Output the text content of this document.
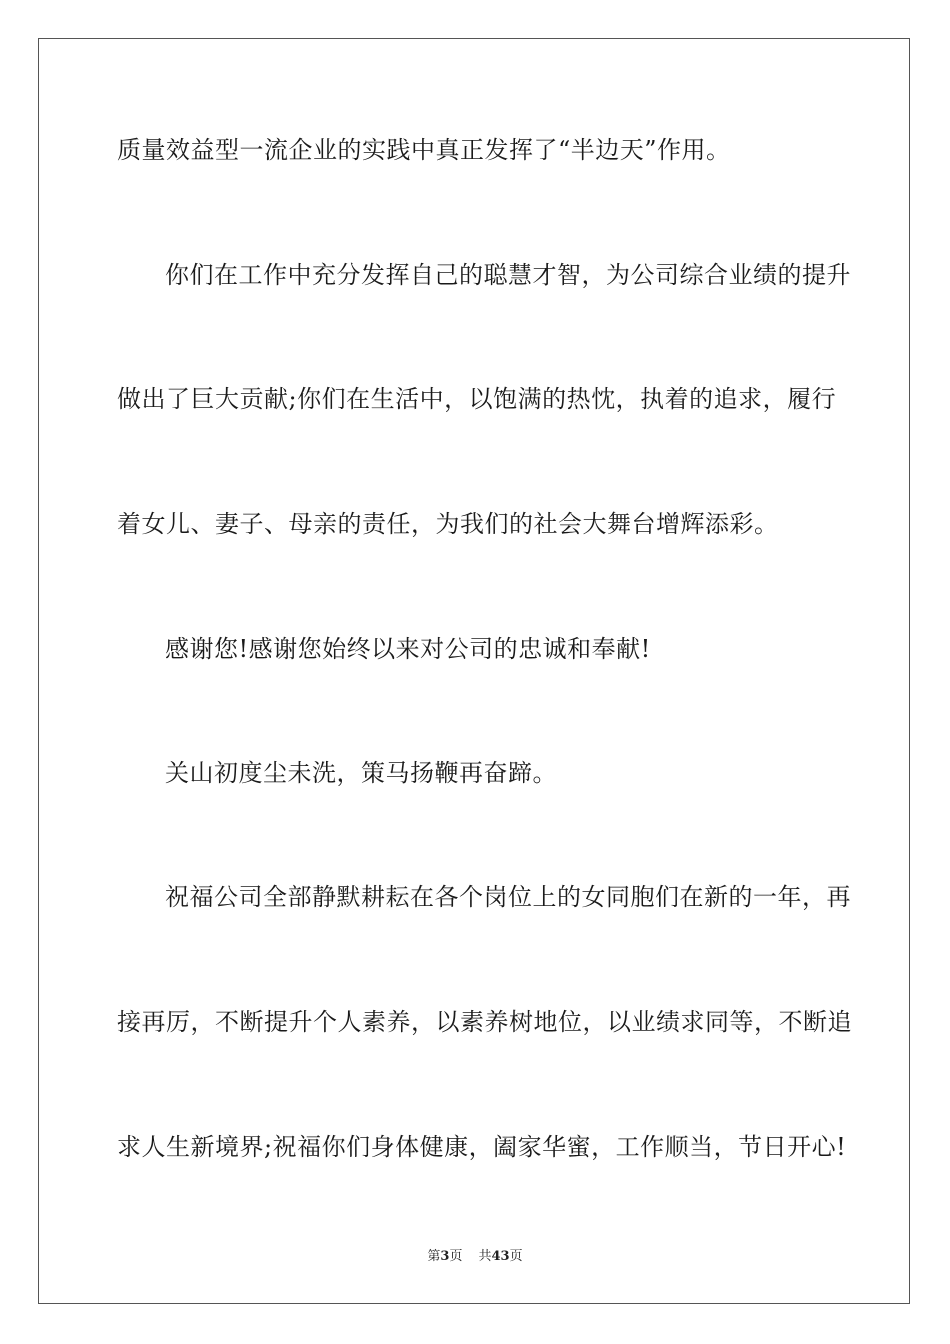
质量效益型一流企业的实践中真正发挥了“半边天”作用。
你们在工作中充分发挥自己的聪慧才智，为公司综合业绩的提升
做出了巨大贡献;你们在生活中，以饱满的热忱，执着的追求，履行
着女儿、妻子、母亲的责任，为我们的社会大舞台增辉添彩。
感谢您!感谢您始终以来对公司的忠诚和奉献!
关山初度尘未洗，策马扬鞭再奋蹄。
祝福公司全部静默耕耘在各个岗位上的女同胞们在新的一年，再
接再厉，不断提升个人素养，以素养树地位，以业绩求同等，不断追
求人生新境界;祝福你们身体健康，阖家华蜜，工作顺当，节日开心!
第3页 共43页
